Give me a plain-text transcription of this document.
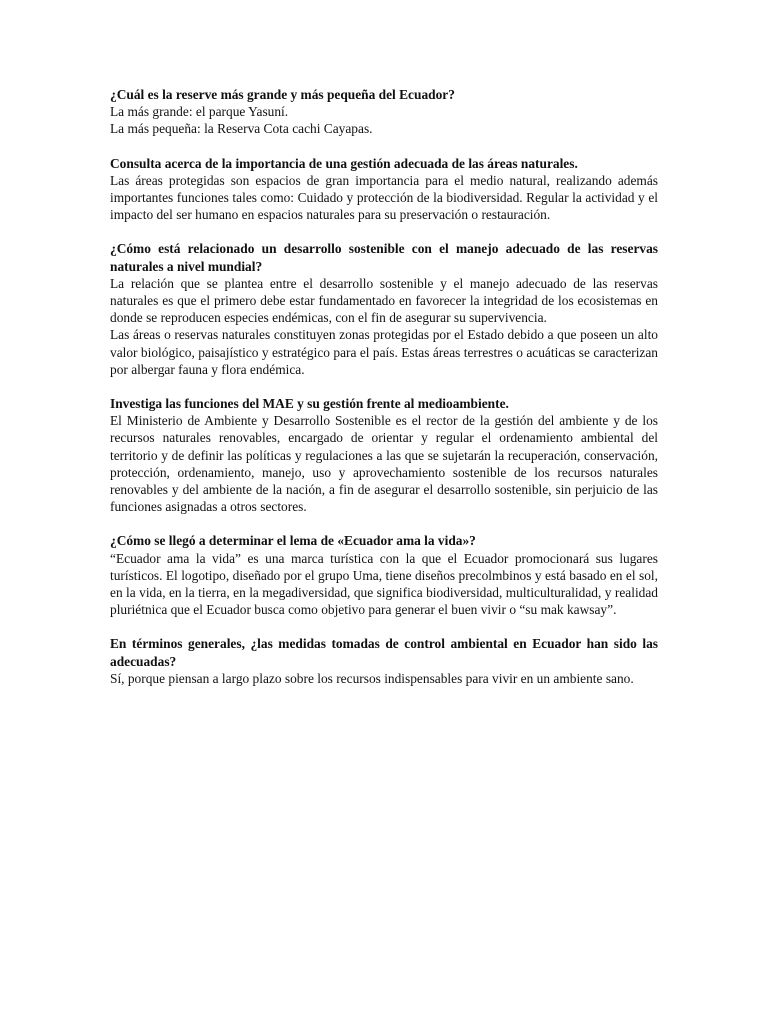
¿Cuál es la reserve más grande y más pequeña del Ecuador?

La más grande: el parque Yasuní.
La más pequeña: la Reserva Cota cachi Cayapas.

Consulta acerca de la importancia de una gestión adecuada de las áreas naturales.

Las áreas protegidas son espacios de gran importancia para el medio natural, realizando además importantes funciones tales como: Cuidado y protección de la biodiversidad. Regular la actividad y el impacto del ser humano en espacios naturales para su preservación o restauración.

¿Cómo está relacionado un desarrollo sostenible con el manejo adecuado de las reservas naturales a nivel mundial?

La relación que se plantea entre el desarrollo sostenible y el manejo adecuado de las reservas naturales es que el primero debe estar fundamentado en favorecer la integridad de los ecosistemas en donde se reproducen especies endémicas, con el fin de asegurar su supervivencia.

Las áreas o reservas naturales constituyen zonas protegidas por el Estado debido a que poseen un alto valor biológico, paisajístico y estratégico para el país. Estas áreas terrestres o acuáticas se caracterizan por albergar fauna y flora endémica.

Investiga las funciones del MAE y su gestión frente al medioambiente.

El Ministerio de Ambiente y Desarrollo Sostenible es el rector de la gestión del ambiente y de los recursos naturales renovables, encargado de orientar y regular el ordenamiento ambiental del territorio y de definir las políticas y regulaciones a las que se sujetarán la recuperación, conservación, protección, ordenamiento, manejo, uso y aprovechamiento sostenible de los recursos naturales renovables y del ambiente de la nación, a fin de asegurar el desarrollo sostenible, sin perjuicio de las funciones asignadas a otros sectores.

¿Cómo se llegó a determinar el lema de «Ecuador ama la vida»?

“Ecuador ama la vida” es una marca turística con la que el Ecuador promocionará sus lugares turísticos. El logotipo, diseñado por el grupo Uma, tiene diseños precolmbinos y está basado en el sol, en la vida, en la tierra, en la megadiversidad, que significa biodiversidad, multiculturalidad, y realidad pluriétnica que el Ecuador busca como objetivo para generar el buen vivir o “su mak kawsay”.

En términos generales, ¿las medidas tomadas de control ambiental en Ecuador han sido las adecuadas?

Sí, porque piensan a largo plazo sobre los recursos indispensables para vivir en un ambiente sano.
